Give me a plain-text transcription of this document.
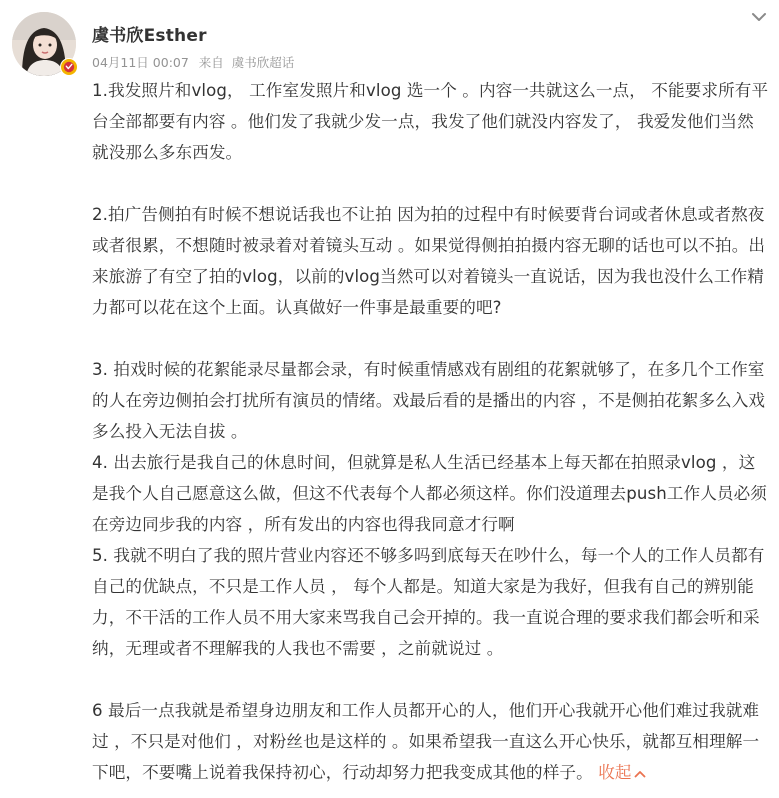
虞书欣Esther
04月11日 00:07 来自 虞书欣超话

1.我发照片和vlog， 工作室发照片和vlog 选一个 。内容一共就这么一点， 不能要求所有平台全部都要有内容 。他们发了我就少发一点，我发了他们就没内容发了， 我爱发他们当然就没那么多东西发。

2.拍广告侧拍有时候不想说话我也不让拍 因为拍的过程中有时候要背台词或者休息或者熬夜或者很累，不想随时被录着对着镜头互动 。如果觉得侧拍拍摄内容无聊的话也可以不拍。出来旅游了有空了拍的vlog，以前的vlog当然可以对着镜头一直说话，因为我也没什么工作精力都可以花在这个上面。认真做好一件事是最重要的吧?

3. 拍戏时候的花絮能录尽量都会录，有时候重情感戏有剧组的花絮就够了，在多几个工作室的人在旁边侧拍会打扰所有演员的情绪。戏最后看的是播出的内容 ，不是侧拍花絮多么入戏多么投入无法自拔 。

4. 出去旅行是我自己的休息时间，但就算是私人生活已经基本上每天都在拍照录vlog ，这是我个人自己愿意这么做，但这不代表每个人都必须这样。你们没道理去push工作人员必须在旁边同步我的内容 ，所有发出的内容也得我同意才行啊

5. 我就不明白了我的照片营业内容还不够多吗到底每天在吵什么，每一个人的工作人员都有自己的优缺点，不只是工作人员 ， 每个人都是。知道大家是为我好，但我有自己的辨别能力，不干活的工作人员不用大家来骂我自己会开掉的。我一直说合理的要求我们都会听和采纳，无理或者不理解我的人我也不需要 ，之前就说过 。

6 最后一点我就是希望身边朋友和工作人员都开心的人，他们开心我就开心他们难过我就难过 ，不只是对他们 ，对粉丝也是这样的 。如果希望我一直这么开心快乐，就都互相理解一下吧，不要嘴上说着我保持初心，行动却努力把我变成其他的样子。 收起
